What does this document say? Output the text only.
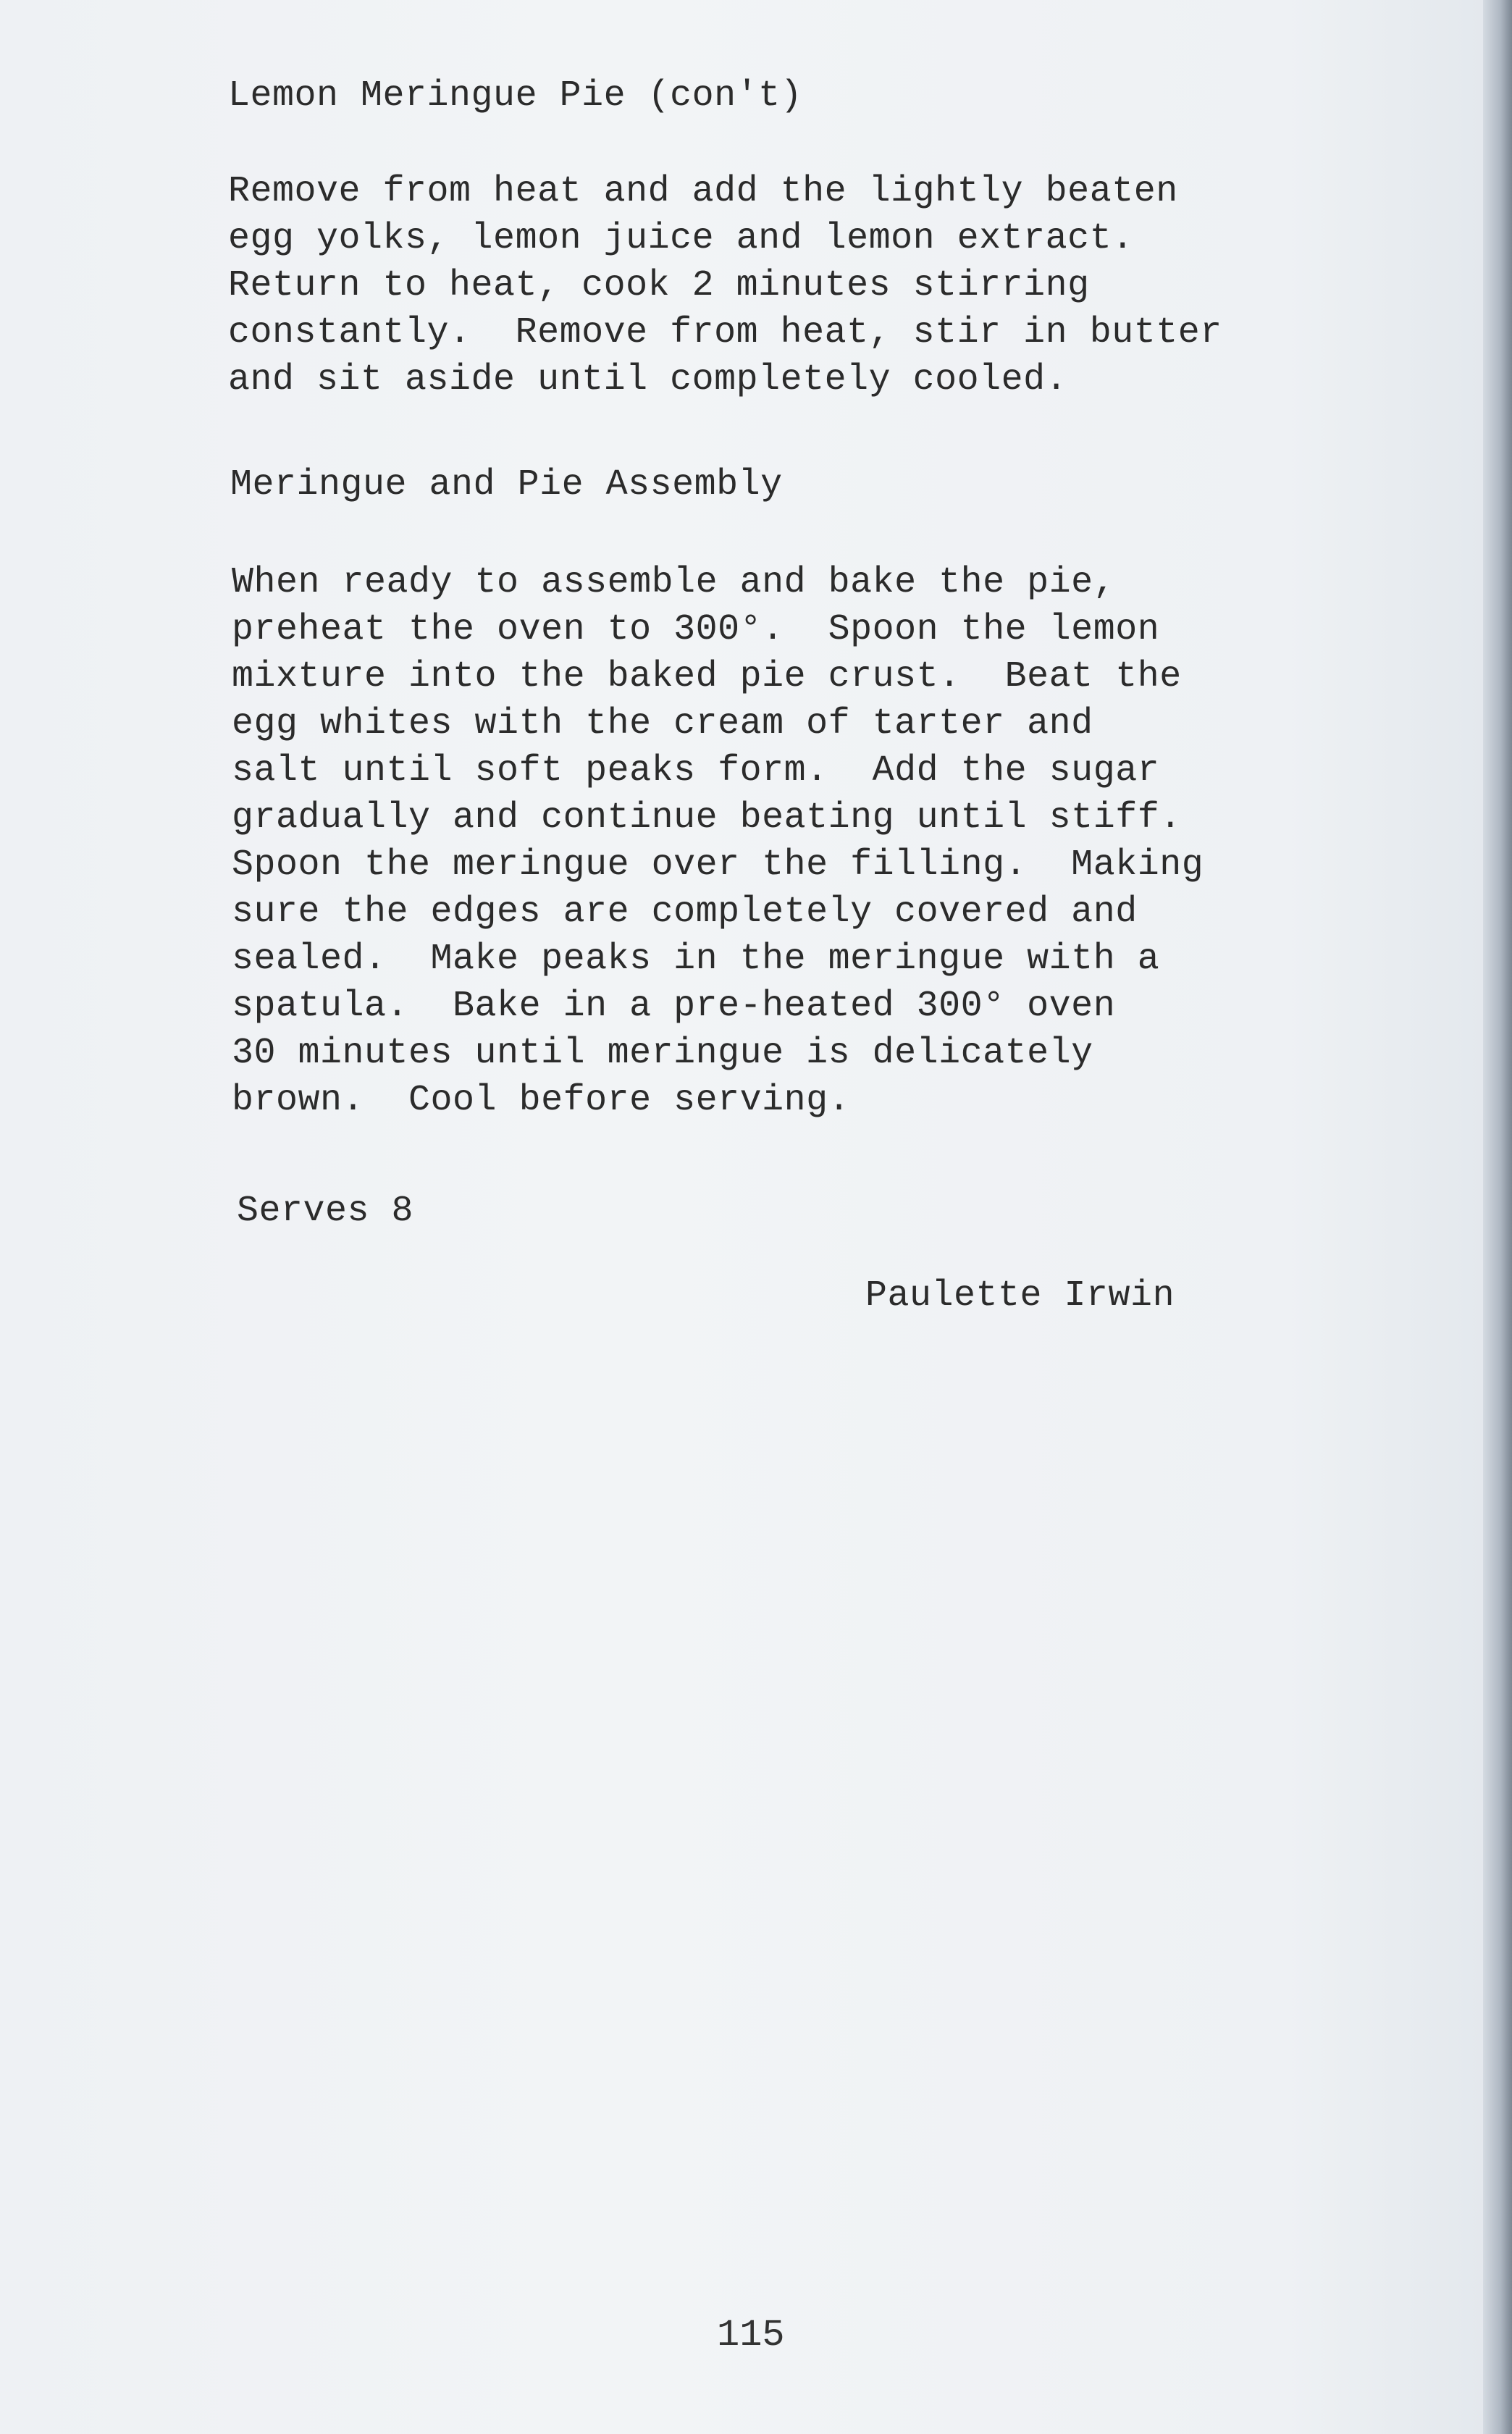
Lemon Meringue Pie (con't)
Remove from heat and add the lightly beaten
egg yolks, lemon juice and lemon extract.
Return to heat, cook 2 minutes stirring
constantly.  Remove from heat, stir in butter
and sit aside until completely cooled.
Meringue and Pie Assembly
When ready to assemble and bake the pie,
preheat the oven to 300°.  Spoon the lemon
mixture into the baked pie crust.  Beat the
egg whites with the cream of tarter and
salt until soft peaks form.  Add the sugar
gradually and continue beating until stiff.
Spoon the meringue over the filling.  Making
sure the edges are completely covered and
sealed.  Make peaks in the meringue with a
spatula.  Bake in a pre-heated 300° oven
30 minutes until meringue is delicately
brown.  Cool before serving.
Serves 8
Paulette Irwin
115
